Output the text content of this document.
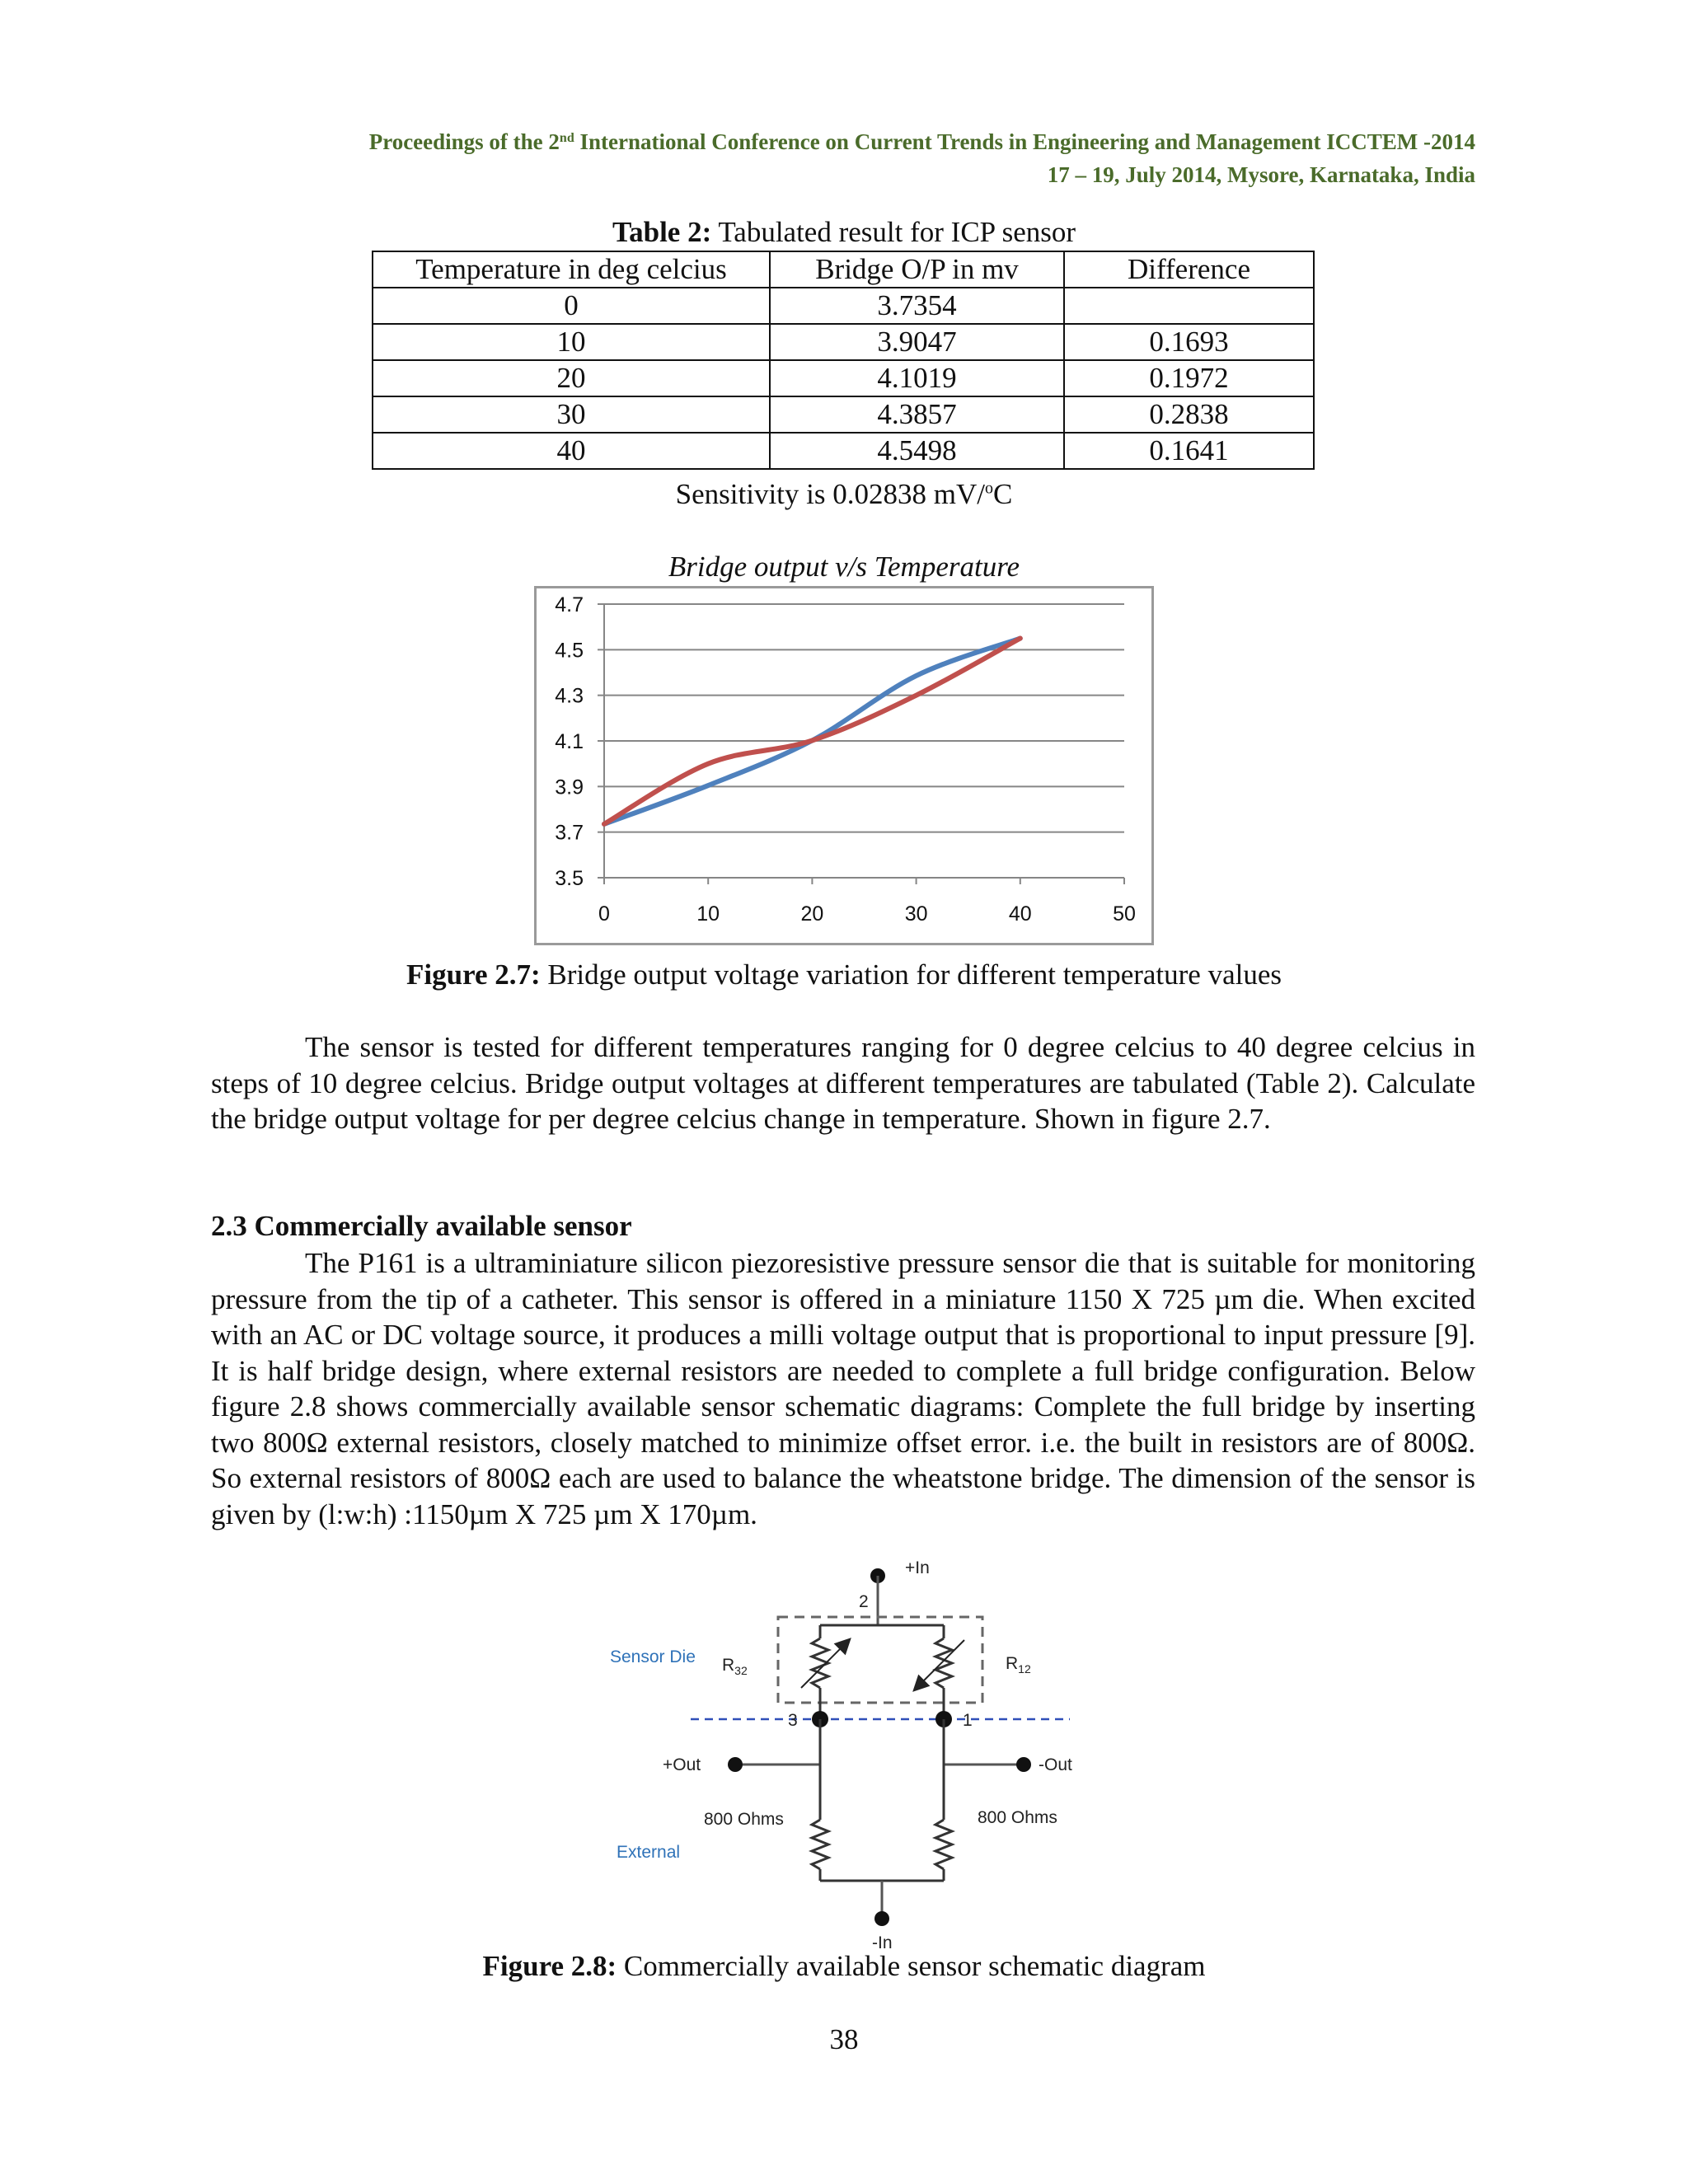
Proceedings of the 2nd International Conference on Current Trends in Engineering and Management ICCTEM -2014
17 – 19, July 2014, Mysore, Karnataka, India
Table 2: Tabulated result for ICP sensor
Temperature in deg celcius	Bridge O/P in mv	Difference
0	3.7354	
10	3.9047	0.1693
20	4.1019	0.1972
30	4.3857	0.2838
40	4.5498	0.1641
Sensitivity is 0.02838 mV/$^o$C
Bridge output v/s Temperature
4.7
4.5
4.3
4.1
3.9
3.7
3.5
0	10	20	30	40	50
Figure 2.7: Bridge output voltage variation for different temperature values
The sensor is tested for different temperatures ranging for 0 degree celcius to 40 degree celcius in steps of 10 degree celcius. Bridge output voltages at different temperatures are tabulated (Table 2). Calculate the bridge output voltage for per degree celcius change in temperature. Shown in figure 2.7.
2.3 Commercially available sensor
The P161 is a ultraminiature silicon piezoresistive pressure sensor die that is suitable for monitoring pressure from the tip of a catheter. This sensor is offered in a miniature 1150 X 725 µm die. When excited with an AC or DC voltage source, it produces a milli voltage output that is proportional to input pressure [9]. It is half bridge design, where external resistors are needed to complete a full bridge configuration. Below figure 2.8 shows commercially available sensor schematic diagrams: Complete the full bridge by inserting two 800Ω external resistors, closely matched to minimize offset error. i.e. the built in resistors are of 800Ω. So external resistors of 800Ω each are used to balance the wheatstone bridge. The dimension of the sensor is given by (l:w:h) :1150µm X 725 µm X 170µm.
+In
2
Sensor Die $R_{32}$	$R_{12}$
3	1
+Out	-Out
800 Ohms	800 Ohms
External
-In
Figure 2.8: Commercially available sensor schematic diagram
38
